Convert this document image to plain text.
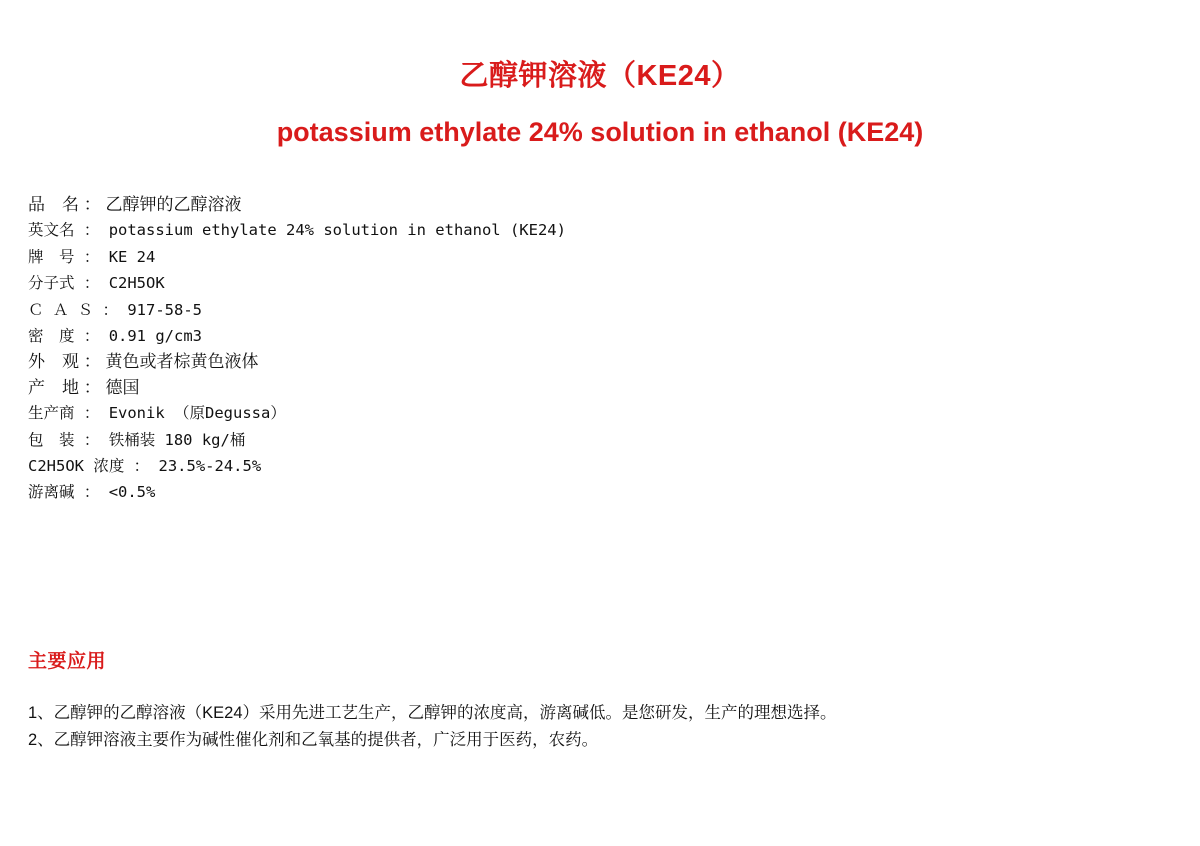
乙醇钾溶液（KE24）
potassium ethylate 24% solution in ethanol (KE24)
品　名 ： 乙醇钾的乙醇溶液
英文名 ： potassium ethylate 24% solution in ethanol (KE24)
牌　号 ： KE 24
分子式 ： C2H5OK
Ｃ Ａ Ｓ ： 917-58-5
密　度 ： 0.91 g/cm3
外　观 ： 黄色或者棕黄色液体
产　地 ： 德国
生产商 ： Evonik （原Degussa）
包　装 ： 铁桶装 180 kg/桶
C2H5OK 浓度 ： 23.5%-24.5%
游离碱 ： <0.5%
主要应用
1、乙醇钾的乙醇溶液（KE24）采用先进工艺生产，乙醇钾的浓度高，游离碱低。是您研发，生产的理想选择。
2、乙醇钾溶液主要作为碱性催化剂和乙氧基的提供者，广泛用于医药，农药。
